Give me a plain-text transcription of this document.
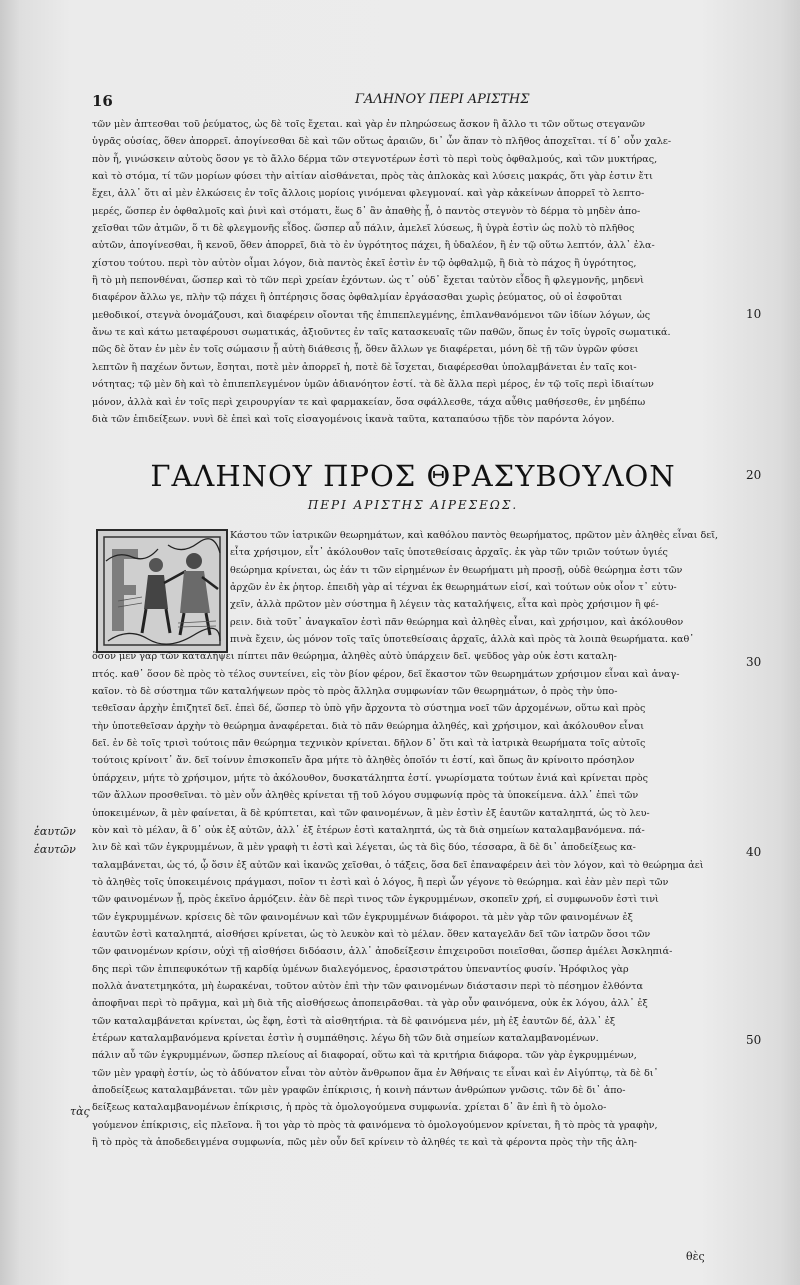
16	ΓΑΛΗΝΟΥ ΠΕΡΙ ΑΡΙΣΤΗΣ
τῶν μὲν ἀπτεσθαι τοῦ ῥεύματος, ὡς δὲ τοῖς ἔχεται. καὶ γὰρ ἐν πληρώσεως ἄσκον ἢ ἄλλο τι τῶν οὕτως στεγανῶν
ὑγρᾶς οὐσίας, ὅθεν ἀπορρεῖ. ἀπογίνεσθαι δὲ καὶ τῶν οὕτως ἀραιῶν, δι᾽ ὧν ἅπαν τὸ πλῆθος ἀποχεῖται. τί δ᾽ οὖν χαλε-
πὸν ἦ, γινώσκειν αὐτοὺς ὅσον γε τὸ ἄλλο δέρμα τῶν στεγνοτέρων ἐστὶ τὸ περὶ τοὺς ὀφθαλμούς, καὶ τῶν μυκτήρας,
καὶ τὸ στόμα, τί τῶν μορίων φύσει τὴν αἰτίαν αἰσθάνεται, πρὸς τὰς ἀπλοκὰς καὶ λύσεις μακράς, ὅτι γὰρ ἐστιν ἔτι
ἔχει, ἀλλ᾽ ὅτι αἱ μὲν ἑλκώσεις ἐν τοῖς ἄλλοις μορίοις γινόμεναι φλεγμοναί. καὶ γὰρ κἀκείνων ἀπορρεῖ τὸ λεπτο-
μερές, ὥσπερ ἐν ὀφθαλμοῖς καὶ ῥινὶ καὶ στόματι, ἕως δ᾽ ἂν ἀπαθὴς ᾖ, ὁ παντὸς στεγνὸν τὸ δέρμα τὸ μηδὲν ἀπο-
χεῖσθαι τῶν ἀτμῶν, ὅ τι δὲ φλεγμονῆς εἶδος. ὥσπερ αὖ πάλιν, ἀμελεῖ λύσεως, ἢ ὑγρὰ ἐστὶν ὡς πολὺ τὸ πλῆθος
αὐτῶν, ἀπογίνεσθαι, ἢ κενοῦ, ὅθεν ἀπορρεῖ, διὰ τὸ ἐν ὑγρότητος πάχει, ἢ ὑδαλέον, ἢ ἐν τῷ οὕτω λεπτόν, ἀλλ᾽ ἐλα-
χίστου τούτου. περὶ τὸν αὐτὸν οἶμαι λόγον, διὰ παντὸς ἐκεῖ ἐστὶν ἐν τῷ ὀφθαλμῷ, ἢ διὰ τὸ πάχος ἢ ὑγρότητος,
ἢ τὸ μὴ πεπονθέναι, ὥσπερ καὶ τὸ τῶν περὶ χρείαν ἐχόντων. ὡς τ᾽ οὐδ᾽ ἔχεται ταὐτὸν εἶδος ἢ φλεγμονῆς, μηδενὶ
διαφέρον ἄλλω γε, πλὴν τῷ πάχει ἢ ὀπτέρησις ὅσας ὀφθαλμίαν ἐργάσασθαι χωρὶς ῥεύματος, οὐ οἱ ἐσφοῦται
μεθοδικοί, στεγνὰ ὀνομάζουσι, καὶ διαφέρειν οἴονται τῆς ἐπιπεπλεγμένης, ἐπιλανθανόμενοι τῶν ἰδίων λόγων, ὡς
ἄνω τε καὶ κάτω μεταφέρουσι σωματικάς, ἀξιοῦντες ἐν ταῖς κατασκευαῖς τῶν παθῶν, ὅπως ἐν τοῖς ὑγροῖς σωματικά.
πῶς δὲ ὅταν ἐν μὲν ἐν τοῖς σώμασιν ᾖ αὐτὴ διάθεσις ᾖ, ὅθεν ἄλλων γε διαφέρεται, μόνη δὲ τῇ τῶν ὑγρῶν φύσει
λεπτῶν ἢ παχέων ὄντων, ἔσηται, ποτὲ μὲν ἀπορρεῖ ἡ, ποτὲ δὲ ἴσχεται, διαφέρεσθαι ὑπολαμβάνεται ἐν ταῖς κοι-
νότητας; τῷ μὲν δὴ καὶ τὸ ἐπιπεπλεγμένον ὑμῶν ἀδιανόητον ἐστί. τὰ δὲ ἄλλα περὶ μέρος, ἐν τῷ τοῖς περὶ ἰδιαίτων
μόνον, ἀλλὰ καὶ ἐν τοῖς περὶ χειρουργίαν τε καὶ φαρμακείαν, ὅσα σφάλλεσθε, τάχα αὖθις μαθήσεσθε, ἐν μηδέπω
διὰ τῶν ἐπιδείξεων. νυνὶ δὲ ἐπεὶ καὶ τοῖς εἰσαγομένοις ἱκανὰ ταῦτα, καταπαύσω τῇδε τὸν παρόντα λόγον.
ΓΑΛΗΝΟΥ ΠΡΟΣ ΘΡΑΣΥΒΟΥΛΟΝ
ΠΕΡΙ ΑΡΙΣΤΗΣ ΑΙΡΕΣΕΩΣ.
Κάστου τῶν ἰατρικῶν θεωρημάτων, καὶ καθόλου παντὸς θεωρήματος, πρῶτον μὲν ἀληθὲς εἶναι δεῖ,
εἶτα χρήσιμον, εἶτ᾽ ἀκόλουθον ταῖς ὑποτεθείσαις ἀρχαῖς. ἐκ γὰρ τῶν τριῶν τούτων ὑγιές
θεώρημα κρίνεται, ὡς ἐάν τι τῶν εἰρημένων ἐν θεωρήματι μὴ προσῇ, οὐδὲ θεώρημα ἐστι τῶν
ἀρχῶν ἐν ἐκ ῥητορ. ἐπειδὴ γὰρ αἱ τέχναι ἐκ θεωρημάτων εἰσί, καὶ τούτων οὐκ οἷον τ᾽ εὐτυ-
χεῖν, ἀλλὰ πρῶτον μὲν σύστημα ἢ λέγειν τὰς καταλήψεις, εἶτα καὶ πρὸς χρήσιμον ἢ φέ-
ρειν. διὰ τοῦτ᾽ ἀναγκαῖον ἐστὶ πᾶν θεώρημα καὶ ἀληθὲς εἶναι, καὶ χρήσιμον, καὶ ἀκόλουθον
πινὰ ἔχειν, ὡς μόνον τοῖς ταῖς ὑποτεθείσαις ἀρχαῖς, ἀλλὰ καὶ πρὸς τὰ λοιπὰ θεωρήματα. καθ᾽
ὅσον μὲν γὰρ τῶν καταλήψει πίπτει πᾶν θεώρημα, ἀληθὲς αὐτὸ ὑπάρχειν δεῖ. ψεῦδος γὰρ οὐκ ἐστι καταλη-
πτός. καθ᾽ ὅσον δὲ πρὸς τὸ τέλος συντείνει, εἰς τὸν βίον φέρον, δεῖ ἕκαστον τῶν θεωρημάτων χρήσιμον εἶναι καὶ ἀναγ-
καῖον. τὸ δὲ σύστημα τῶν καταλήψεων πρὸς τὸ πρὸς ἄλληλα συμφωνίαν τῶν θεωρημάτων, ὁ πρὸς τὴν ὑπο-
τεθεῖσαν ἀρχὴν ἐπιζητεῖ δεῖ. ἐπεὶ δέ, ὥσπερ τὸ ὑπὸ γῆν ἄρχοντα τὸ σύστημα νοεῖ τῶν ἀρχομένων, οὕτω καὶ πρὸς
τὴν ὑποτεθεῖσαν ἀρχὴν τὸ θεώρημα ἀναφέρεται. διὰ τὸ πᾶν θεώρημα ἀληθές, καὶ χρήσιμον, καὶ ἀκόλουθον εἶναι
δεῖ. ἐν δὲ τοῖς τρισὶ τούτοις πᾶν θεώρημα τεχνικὸν κρίνεται. δῆλον δ᾽ ὅτι καὶ τὰ ἰατρικὰ θεωρήματα τοῖς αὐτοῖς
τούτοις κρίνοιτ᾽ ἄν. δεῖ τοίνυν ἐπισκοπεῖν ἄρα μήτε τὸ ἀληθὲς ὁποῖόν τι ἐστί, καὶ ὅπως ἂν κρίνοιτο πρόσηλον
ὑπάρχειν, μήτε τὸ χρήσιμον, μήτε τὸ ἀκόλουθον, δυσκατάληπτα ἐστί. γνωρίσματα τούτων ἐνιά καὶ κρίνεται πρὸς
τῶν ἄλλων προσθεῖναι. τὸ μὲν οὖν ἀληθὲς κρίνεται τῇ τοῦ λόγου συμφωνίᾳ πρὸς τὰ ὑποκείμενα. ἀλλ᾽ ἐπεὶ τῶν
ὑποκειμένων, ἃ μὲν φαίνεται, ἃ δὲ κρύπτεται, καὶ τῶν φαινομένων, ἃ μὲν ἐστὶν ἐξ ἑαυτῶν καταληπτά, ὡς τὸ λευ-
κὸν καὶ τὸ μέλαν, ἃ δ᾽ οὐκ ἐξ αὐτῶν, ἀλλ᾽ ἐξ ἑτέρων ἐστὶ καταληπτά, ὡς τὰ διὰ σημείων καταλαμβανόμενα. πά-
λιν δὲ καὶ τῶν ἐγκρυμμένων, ἃ μὲν γραφὴ τι ἐστὶ καὶ λέγεται, ὡς τὰ δὶς δύο, τέσσαρα, ἃ δὲ δι᾽ ἀποδείξεως κα-
ταλαμβάνεται, ὡς τό, ᾧ ὅσιν ἐξ αὐτῶν καὶ ἱκανῶς χεῖσθαι, ὁ τάξεις, ὅσα δεῖ ἐπαναφέρειν ἀεὶ τὸν λόγον, καὶ τὸ θεώρημα ἀεὶ
τὸ ἀληθὲς τοῖς ὑποκειμένοις πράγμασι, ποῖον τι ἐστὶ καὶ ὁ λόγος, ἢ περὶ ὧν γέγονε τὸ θεώρημα. καὶ ἐὰν μὲν περὶ τῶν
τῶν φαινομένων ᾖ, πρὸς ἐκεῖνο ἁρμόζειν. ἐὰν δὲ περὶ τινος τῶν ἐγκρυμμένων, σκοπεῖν χρή, εἰ συμφωνοῦν ἐστὶ τινὶ
τῶν ἐγκρυμμένων. κρίσεις δὲ τῶν φαινομένων καὶ τῶν ἐγκρυμμένων διάφοροι. τὰ μὲν γὰρ τῶν φαινομένων ἐξ
ἑαυτῶν ἐστὶ καταληπτά, αἰσθήσει κρίνεται, ὡς τὸ λευκὸν καὶ τὸ μέλαν. ὅθεν καταγελᾶν δεῖ τῶν ἰατρῶν ὅσοι τῶν
τῶν φαινομένων κρίσιν, οὐχὶ τῇ αἰσθήσει διδόασιν, ἀλλ᾽ ἀποδείξεσιν ἐπιχειροῦσι ποιεῖσθαι, ὥσπερ ἀμέλει Ἀσκληπιά-
δης περὶ τῶν ἐπιπεφυκότων τῇ καρδίᾳ ὑμένων διαλεγόμενος, ἐρασιστράτου ὑπεναντίος φυσίν. Ἡρόφιλος γὰρ
πολλὰ ἀνατετμηκότα, μὴ ἑωρακέναι, τοῦτον αὐτὸν ἐπὶ τὴν τῶν φαινομένων διάστασιν περὶ τὸ πέσημον ἐλθόντα
ἀποφῆναι περὶ τὸ πρᾶγμα, καὶ μὴ διὰ τῆς αἰσθήσεως ἀποπειρᾶσθαι. τὰ γὰρ οὖν φαινόμενα, οὐκ ἐκ λόγου, ἀλλ᾽ ἐξ
τῶν καταλαμβάνεται κρίνεται, ὡς ἔφη, ἐστὶ τὰ αἰσθητήρια. τὰ δὲ φαινόμενα μέν, μὴ ἐξ ἑαυτῶν δέ, ἀλλ᾽ ἐξ
ἑτέρων καταλαμβανόμενα κρίνεται ἐστὶν ἡ συμπάθησις. λέγω δὴ τῶν διὰ σημείων καταλαμβανομένων.
πάλιν αὖ τῶν ἐγκρυμμένων, ὥσπερ πλείους αἱ διαφοραί, οὕτω καὶ τὰ κριτήρια διάφορα. τῶν γὰρ ἐγκρυμμένων,
τῶν μὲν γραφὴ ἐστίν, ὡς τὸ ἀδύνατον εἶναι τὸν αὐτὸν ἄνθρωπον ἅμα ἐν Ἀθήναις τε εἶναι καὶ ἐν Αἰγύπτῳ, τὰ δὲ δι᾽
ἀποδείξεως καταλαμβάνεται. τῶν μὲν γραφῶν ἐπίκρισις, ἡ κοινὴ πάντων ἀνθρώπων γνῶσις. τῶν δὲ δι᾽ ἀπο-
δείξεως καταλαμβανομένων ἐπίκρισις, ἡ πρὸς τὰ ὁμολογούμενα συμφωνία. χρίεται δ᾽ ἂν ἐπὶ ἢ τὸ ὁμολο-
γούμενον ἐπίκρισις, εἰς πλεῖονα. ἢ τοι γὰρ τὸ πρὸς τὰ φαινόμενα τὸ ὁμολογούμενον κρίνεται, ἢ τὸ πρὸς τὰ γραφὴν,
ἢ τὸ πρὸς τὰ ἀποδεδειγμένα συμφωνία, πῶς μὲν οὖν δεῖ κρίνειν τὸ ἀληθές τε καὶ τὰ φέροντα πρὸς τὴν τῆς ἀλη-
10
20
30
40
50
ἑαυτῶν
ἑαυτῶν
τὰς
θὲς
